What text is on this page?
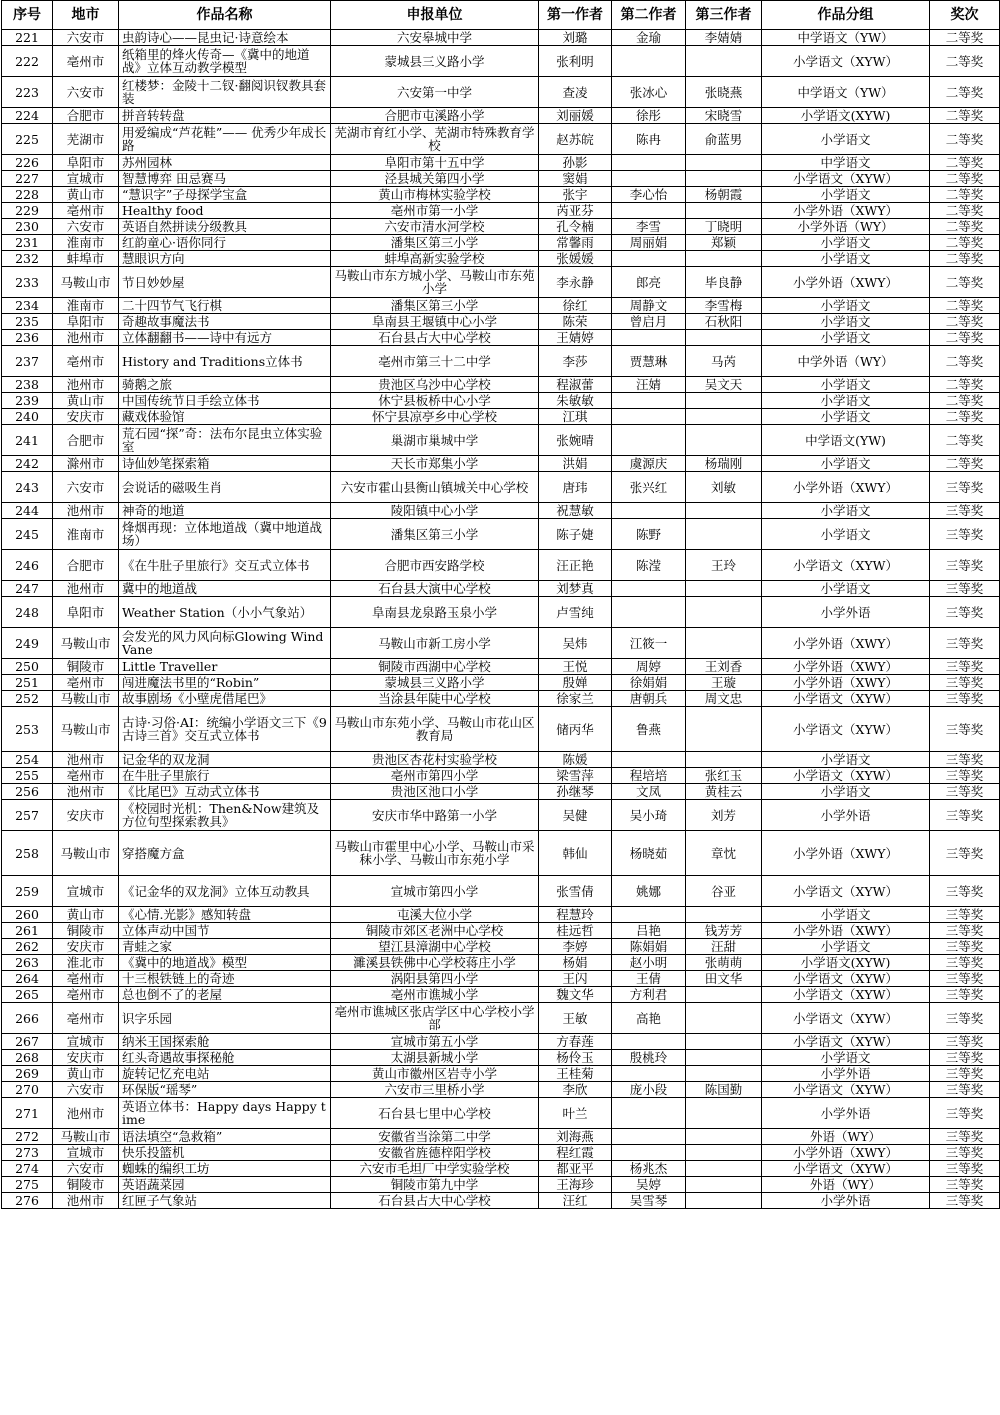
序号	地市	作品名称	申报单位	第一作者	第二作者	第三作者	作品分组	奖次
221	六安市	虫韵诗心——昆虫记·诗意绘本	六安皋城中学	刘璐	金瑜	李婧婧	中学语文（YW）	二等奖
222	亳州市	纸箱里的烽火传奇—《冀中的地道战》立体互动教学模型	蒙城县三义路小学	张利明			小学语文（XYW）	二等奖
223	六安市	红楼梦：金陵十二钗·翻阅识钗教具套装	六安第一中学	查凌	张冰心	张晓燕	中学语文（YW）	二等奖
224	合肥市	拼音转转盘	合肥市屯溪路小学	刘丽媛	徐彤	宋晓雪	小学语文(XYW)	二等奖
225	芜湖市	用爱编成“芦花鞋”—— 优秀少年成长路	芜湖市育红小学、芜湖市特殊教育学校	赵苏皖	陈冉	俞蓝男	小学语文	二等奖
226	阜阳市	苏州园林	阜阳市第十五中学	孙影			中学语文	二等奖
227	宣城市	智慧博弈 田忌赛马	泾县城关第四小学	窦娟			小学语文（XYW）	二等奖
228	黄山市	“慧识字”子母探学宝盒	黄山市梅林实验学校	张宇	李心怡	杨朝霞	小学语文	二等奖
229	亳州市	Healthy food	亳州市第一小学	芮亚芬			小学外语（XWY）	二等奖
230	六安市	英语自然拼读分级教具	六安市清水河学校	孔令楠	李雪	丁晓明	小学外语（WY）	二等奖
231	淮南市	红韵童心·语你同行	潘集区第三小学	常馨雨	周丽娟	郑颖	小学语文	二等奖
232	蚌埠市	慧眼识方向	蚌埠高新实验学校	张媛媛			小学语文	二等奖
233	马鞍山市	节日妙妙屋	马鞍山市东方城小学、马鞍山市东苑小学	李永静	郎亮	毕良静	小学外语（XWY）	二等奖
234	淮南市	二十四节气飞行棋	潘集区第三小学	徐红	周静文	李雪梅	小学语文	二等奖
235	阜阳市	奇趣故事魔法书	阜南县王堰镇中心小学	陈荣	曾启月	石秋阳	小学语文	二等奖
236	池州市	立体翻翻书——诗中有远方	石台县占大中心学校	王婧婷			小学语文	二等奖
237	亳州市	History and Traditions立体书	亳州市第三十二中学	李莎	贾慧琳	马芮	中学外语（WY）	二等奖
238	池州市	骑鹅之旅	贵池区乌沙中心学校	程淑蕾	汪婧	吴文天	小学语文	二等奖
239	黄山市	中国传统节日手绘立体书	休宁县板桥中心小学	朱敏敏			小学语文	二等奖
240	安庆市	藏戏体验馆	怀宁县凉亭乡中心学校	江琪			小学语文	二等奖
241	合肥市	荒石园“探”奇：法布尔昆虫立体实验室	巢湖市巢城中学	张婉晴			中学语文(YW)	二等奖
242	滁州市	诗仙妙笔探索箱	天长市郑集小学	洪娟	虞源庆	杨瑞刚	小学语文	二等奖
243	六安市	会说话的磁吸生肖	六安市霍山县衡山镇城关中心学校	唐玮	张兴红	刘敏	小学外语（XWY）	三等奖
244	池州市	神奇的地道	陵阳镇中心小学	祝慧敏			小学语文	三等奖
245	淮南市	烽烟再现：立体地道战（冀中地道战场）	潘集区第三小学	陈子婕	陈野		小学语文	三等奖
246	合肥市	《在牛肚子里旅行》交互式立体书	合肥市西安路学校	汪正艳	陈滢	王玲	小学语文（XYW）	三等奖
247	池州市	冀中的地道战	石台县大演中心学校	刘梦真			小学语文	三等奖
248	阜阳市	Weather Station（小小气象站）	阜南县龙泉路玉泉小学	卢雪纯			小学外语	三等奖
249	马鞍山市	会发光的风力风向标Glowing Wind Vane	马鞍山市新工房小学	吴炜	江筱一		小学外语（XWY）	三等奖
250	铜陵市	Little Traveller	铜陵市西湖中心学校	王悦	周婷	王刘香	小学外语（XWY）	三等奖
251	亳州市	闯进魔法书里的“Robin”	蒙城县三义路小学	殷婵	徐娟娟	王璇	小学外语（XWY）	三等奖
252	马鞍山市	故事剧场《小壁虎借尾巴》	当涂县年陡中心学校	徐家兰	唐朝兵	周文忠	小学语文（XYW）	三等奖
253	马鞍山市	古诗·习俗·AI：统编小学语文三下《9古诗三首》交互式立体书	马鞍山市东苑小学、马鞍山市花山区教育局	储丙华	鲁燕		小学语文（XYW）	三等奖
254	池州市	记金华的双龙洞	贵池区杏花村实验学校	陈媛			小学语文	三等奖
255	亳州市	在牛肚子里旅行	亳州市第四小学	梁雪萍	程培培	张红玉	小学语文（XYW）	三等奖
256	池州市	《比尾巴》互动式立体书	贵池区池口小学	孙继琴	文凤	黄桂云	小学语文	三等奖
257	安庆市	《校园时光机：Then&Now建筑及方位句型探索教具》	安庆市华中路第一小学	吴健	吴小琦	刘芳	小学外语	三等奖
258	马鞍山市	穿搭魔方盒	马鞍山市霍里中心小学、马鞍山市采秣小学、马鞍山市东苑小学	韩仙	杨晓茹	章忱	小学外语（XWY）	三等奖
259	宣城市	《记金华的双龙洞》立体互动教具	宣城市第四小学	张雪倩	姚娜	谷亚	小学语文（XYW）	三等奖
260	黄山市	《心情.光影》感知转盘	屯溪大位小学	程慧玲			小学语文	三等奖
261	铜陵市	立体声动中国节	铜陵市郊区老洲中心学校	桂远哲	吕艳	钱芳芳	小学外语（XWY）	三等奖
262	安庆市	青蛙之家	望江县漳湖中心学校	李婷	陈娟娟	汪甜	小学语文	三等奖
263	淮北市	《冀中的地道战》模型	濉溪县铁佛中心学校蒋庄小学	杨娟	赵小明	张萌萌	小学语文(XYW)	三等奖
264	亳州市	十三根铁链上的奇迹	涡阳县第四小学	王闪	王倩	田文华	小学语文（XYW）	三等奖
265	亳州市	总也倒不了的老屋	亳州市谯城小学	魏文华	方利君		小学语文（XYW）	三等奖
266	亳州市	识字乐园	亳州市谯城区张店学区中心学校小学部	王敏	高艳		小学语文（XYW）	三等奖
267	宣城市	纳米王国探索舱	宣城市第五小学	方春莲			小学语文（XYW）	三等奖
268	安庆市	红头奇遇故事探秘舱	太湖县新城小学	杨伶玉	殷桃玲		小学语文	三等奖
269	黄山市	旋转记忆充电站	黄山市徽州区岩寺小学	王桂菊			小学外语	三等奖
270	六安市	环保版“瑶琴”	六安市三里桥小学	李欣	庞小段	陈国勤	小学语文（XYW）	三等奖
271	池州市	英语立体书：Happy days Happy time	石台县七里中心学校	叶兰			小学外语	三等奖
272	马鞍山市	语法填空“急救箱”	安徽省当涂第二中学	刘海燕			外语（WY）	三等奖
273	宣城市	快乐投篮机	安徽省旌德梓阳学校	程红霞			小学外语（XWY）	三等奖
274	六安市	蜘蛛的编织工坊	六安市毛坦厂中学实验学校	都亚平	杨兆杰		小学语文（XYW）	三等奖
275	铜陵市	英语蔬菜园	铜陵市第九中学	王海珍	吴婷		外语（WY）	三等奖
276	池州市	红匣子气象站	石台县占大中心学校	汪红	吴雪琴		小学外语	三等奖
